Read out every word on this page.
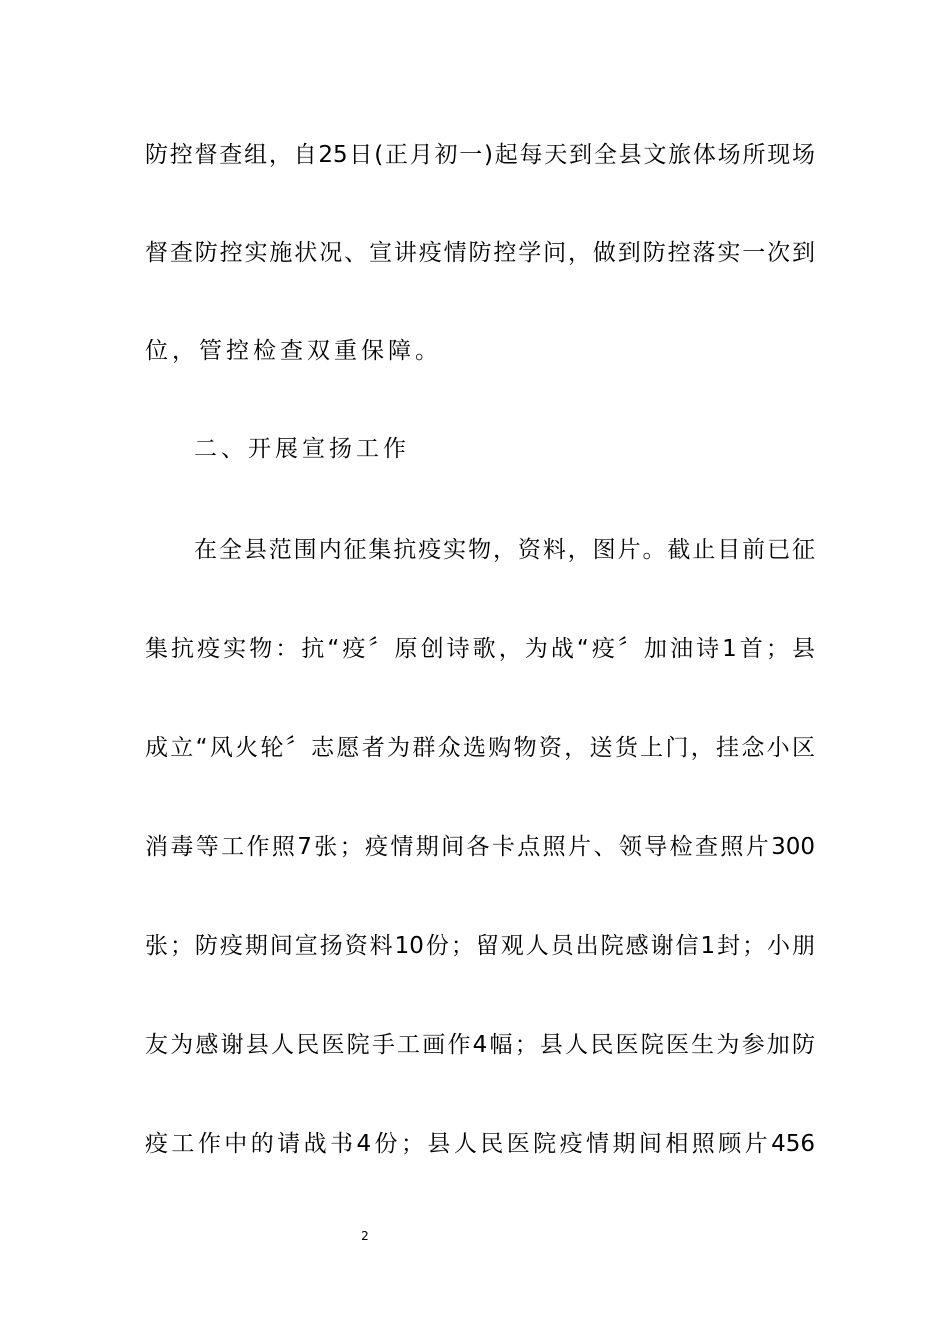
防控督查组，自25日(正月初一)起每天到全县文旅体场所现场
督查防控实施状况、宣讲疫情防控学问，做到防控落实一次到
位，管控检查双重保障。
二、开展宣扬工作
在全县范围内征集抗疫实物，资料，图片。截止目前已征
集抗疫实物：抗“疫〞原创诗歌，为战“疫〞加油诗1首；县
成立“风火轮〞志愿者为群众选购物资，送货上门，挂念小区
消毒等工作照7张；疫情期间各卡点照片、领导检查照片300
张；防疫期间宣扬资料10份；留观人员出院感谢信1封；小朋
友为感谢县人民医院手工画作4幅；县人民医院医生为参加防
疫工作中的请战书4份；县人民医院疫情期间相照顾片456
2
